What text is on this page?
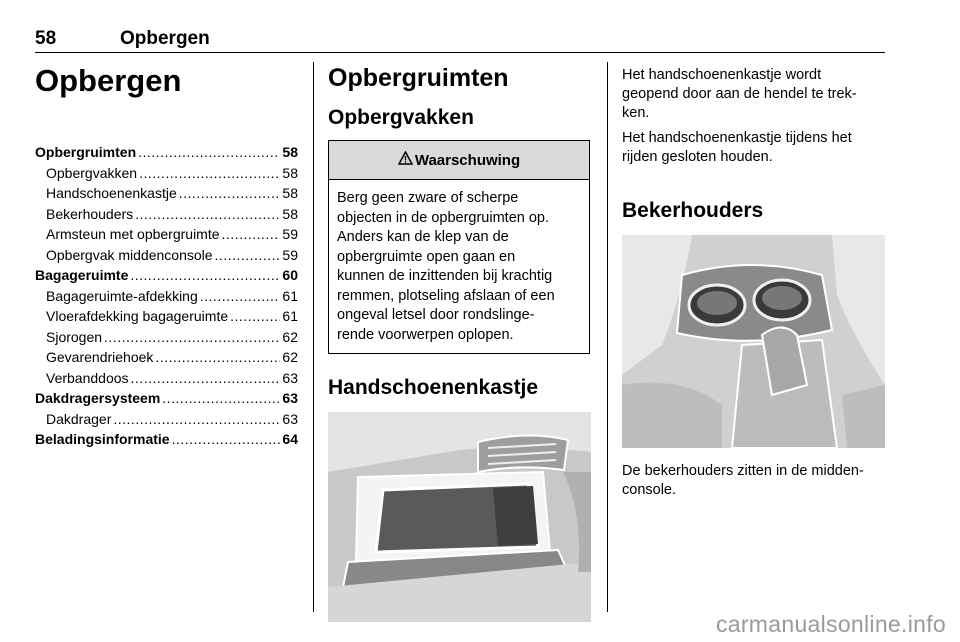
58	Opbergen
Opbergen
Opbergruimten .....	58
Opbergvakken .....	58
Handschoenenkastje .....	58
Bekerhouders .....	58
Armsteun met opbergruimte .....	59
Opbergvak middenconsole .....	59
Bagageruimte .....	60
Bagageruimte-afdekking .....	61
Vloerafdekking bagageruimte .....	61
Sjorogen .....	62
Gevarendriehoek .....	62
Verbanddoos .....	63
Dakdragersysteem .....	63
Dakdrager .....	63
Beladingsinformatie .....	64
Opbergruimten
Opbergvakken
Waarschuwing
Berg geen zware of scherpe
objecten in de opbergruimten op.
Anders kan de klep van de
opbergruimte open gaan en
kunnen de inzittenden bij krachtig
remmen, plotseling afslaan of een
ongeval letsel door rondslinge-
rende voorwerpen oplopen.
Handschoenenkastje
Het handschoenenkastje wordt
geopend door aan de hendel te trek-
ken.
Het handschoenenkastje tijdens het
rijden gesloten houden.
Bekerhouders
De bekerhouders zitten in de midden-
console.
carmanualsonline.info
